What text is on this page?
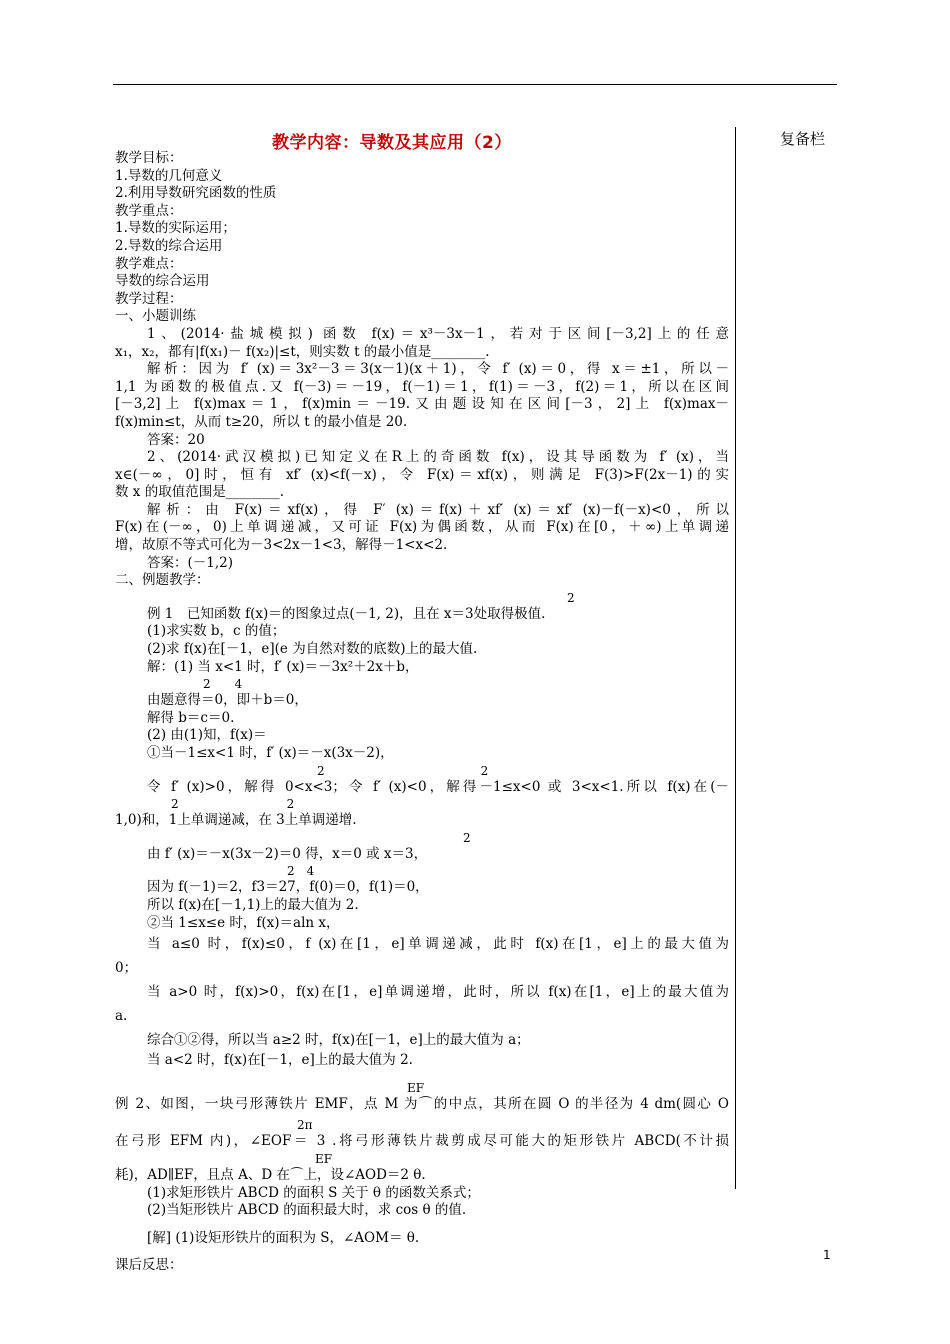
复备栏
教学内容：导数及其应用（2）
教学目标：
1.导数的几何意义
2.利用导数研究函数的性质
教学重点：
1.导数的实际运用；
2.导数的综合运用
教学难点：
导数的综合运用
教学过程：
一、小题训练
1、(2014·盐城模拟) 函数 f(x)＝x³－3x－1，若对于区间[－3,2]上的任意
x₁，x₂，都有|f(x₁)－ f(x₂)|≤t，则实数 t 的最小值是________.
解析：因为 f′ (x)＝3x²－3＝3(x－1)(x＋1)，令 f′ (x)＝0，得 x＝±1，所以－
1,1 为函数的极值点.又 f(－3)＝－19，f(－1)＝1，f(1)＝－3，f(2)＝1，所以在区间
[－3,2]上 f(x)max＝1，f(x)min＝－19.又由题设知在区间[－3，2]上 f(x)max－
f(x)min≤t，从而 t≥20，所以 t 的最小值是 20.
答案：20
2、(2014·武汉模拟)已知定义在R上的奇函数 f(x)，设其导函数为 f′ (x)，当
x∈(－∞，0]时，恒有 xf′ (x)<f(－x)，令 F(x)＝xf(x)，则满足 F(3)>F(2x－1)的实
数 x 的取值范围是________.
解析：由 F(x)＝xf(x)，得 F′ (x)＝f(x)＋xf′ (x)＝xf′ (x)－f(－x)<0，所以
F(x)在(－∞，0)上单调递减，又可证 F(x)为偶函数，从而 F(x)在[0，＋∞)上单调递
增，故原不等式可化为－3<2x－1<3，解得－1<x<2.
答案：(－1,2)
二、例题教学：
2
例 1　已知函数 f(x)＝的图象过点(－1, 2)，且在 x＝3处取得极值.
(1)求实数 b，c 的值；
(2)求 f(x)在[－1，e](e 为自然对数的底数)上的最大值.
解：(1) 当 x<1 时，f′ (x)＝－3x²＋2x＋b，
2　　4
由题意得＝0，即＋b＝0，
解得 b＝c＝0.
(2) 由(1)知，f(x)＝
①当－1≤x<1 时，f′ (x)＝－x(3x－2)，
2　　　　　　　　　　　　　2
令 f′ (x)>0，解得 0<x<3；令 f′ (x)<0，解得－1≤x<0 或 3<x<1.所以 f(x)在(－
2　　　　　　　　　2
1,0)和，1上单调递减，在 3上单调递增.
2
由 f′ (x)＝－x(3x－2)＝0 得，x＝0 或 x＝3，
2　4
因为 f(－1)＝2，f3＝27，f(0)＝0，f(1)＝0，
所以 f(x)在[－1,1)上的最大值为 2.
②当 1≤x≤e 时，f(x)＝aln x，
当 a≤0 时，f(x)≤0，f (x)在[1，e]单调递减，此时 f(x)在[1，e]上的最大值为
0；
当 a>0 时，f(x)>0，f(x)在[1，e]单调递增，此时，所以 f(x)在[1，e]上的最大值为
a.
综合①②得，所以当 a≥2 时，f(x)在[－1，e]上的最大值为 a；
当 a<2 时，f(x)在[－1，e]上的最大值为 2.
EF
例 2、如图，一块弓形薄铁片 EMF，点 M 为⌒的中点，其所在圆 O 的半径为 4 dm(圆心 O
2π
在弓形 EFM 内)，∠EOF＝ 3 .将弓形薄铁片裁剪成尽可能大的矩形铁片 ABCD(不计损
EF
耗)，AD∥EF，且点 A、D 在⌒上，设∠AOD＝2 θ.
(1)求矩形铁片 ABCD 的面积 S 关于 θ 的函数关系式；
(2)当矩形铁片 ABCD 的面积最大时，求 cos θ 的值.
[解] (1)设矩形铁片的面积为 S，∠AOM＝ θ.
课后反思：
1
